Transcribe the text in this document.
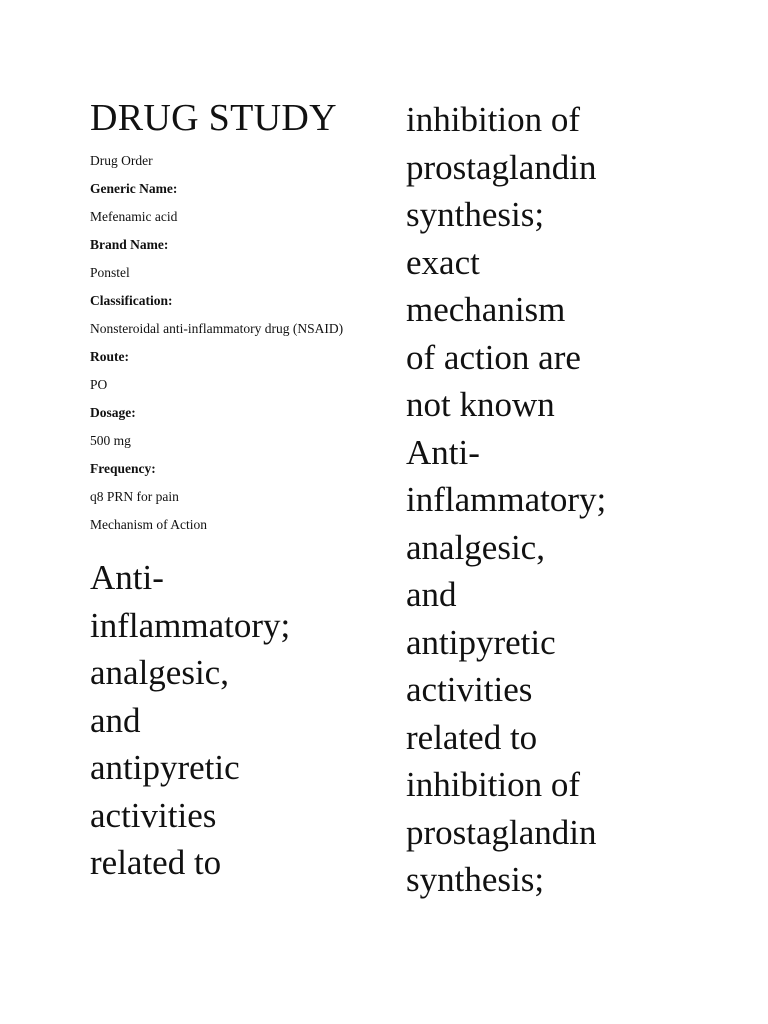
DRUG STUDY

Drug Order

Generic Name:

Mefenamic acid

Brand Name:

Ponstel

Classification:

Nonsteroidal anti-inflammatory drug (NSAID)

Route:

PO

Dosage:

500 mg

Frequency:

q8 PRN for pain

Mechanism of Action

Anti-
inflammatory;
analgesic,
and
antipyretic
activities
related to

inhibition of
prostaglandin
synthesis;
exact
mechanism
of action are
not known
Anti-
inflammatory;
analgesic,
and
antipyretic
activities
related to
inhibition of
prostaglandin
synthesis;
